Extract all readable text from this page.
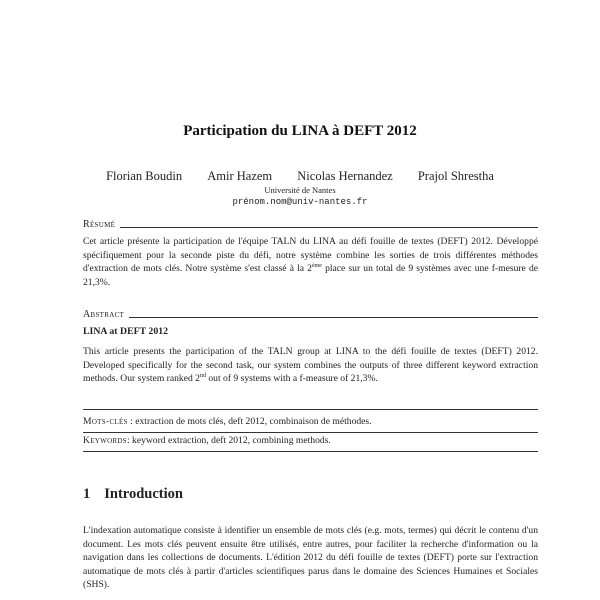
Participation du LINA à DEFT 2012
Florian Boudin Amir Hazem Nicolas Hernandez Prajol Shrestha
Université de Nantes
prénom.nom@univ-nantes.fr
Résumé
Cet article présente la participation de l'équipe TALN du LINA au défi fouille de textes (DEFT) 2012. Développé spécifiquement pour la seconde piste du défi, notre système combine les sorties de trois différentes méthodes d'extraction de mots clés. Notre système s'est classé à la 2ème place sur un total de 9 systèmes avec une f-mesure de 21,3%.
Abstract
LINA at DEFT 2012
This article presents the participation of the TALN group at LINA to the défi fouille de textes (DEFT) 2012. Developed specifically for the second task, our system combines the outputs of three different keyword extraction methods. Our system ranked 2nd out of 9 systems with a f-measure of 21,3%.
Mots-clés : extraction de mots clés, deft 2012, combinaison de méthodes.
Keywords: keyword extraction, deft 2012, combining methods.
1 Introduction
L'indexation automatique consiste à identifier un ensemble de mots clés (e.g. mots, termes) qui décrit le contenu d'un document. Les mots clés peuvent ensuite être utilisés, entre autres, pour faciliter la recherche d'information ou la navigation dans les collections de documents. L'édition 2012 du défi fouille de textes (DEFT) porte sur l'extraction automatique de mots clés à partir d'articles scientifiques parus dans le domaine des Sciences Humaines et Sociales (SHS).
